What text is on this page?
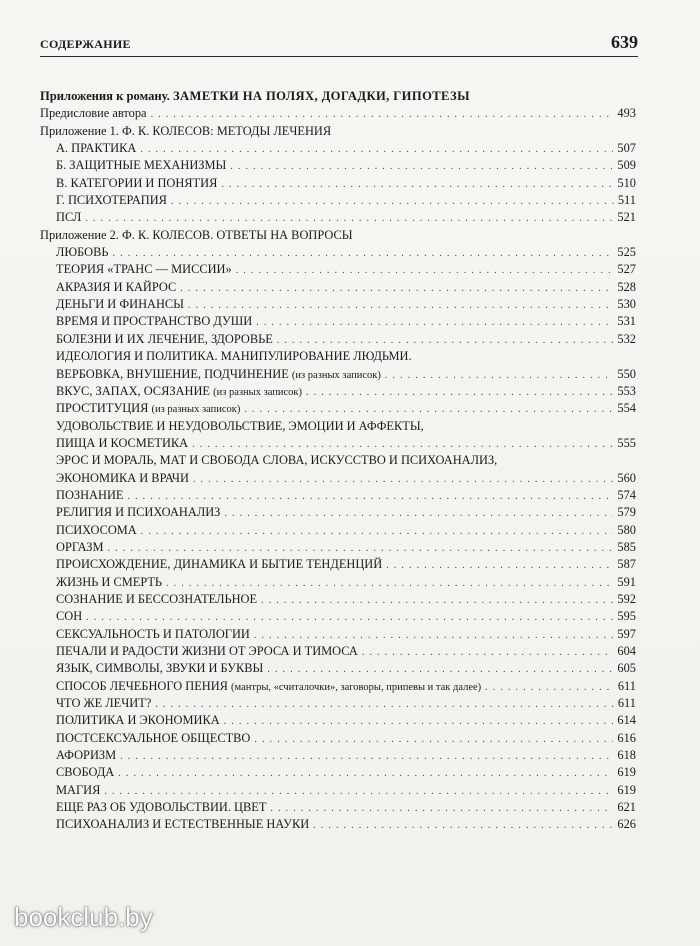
СОДЕРЖАНИЕ	639
Приложения к роману. ЗАМЕТКИ НА ПОЛЯХ, ДОГАДКИ, ГИПОТЕЗЫ
Предисловие автора . . .	493
Приложение 1. Ф. К. КОЛЕСОВ: МЕТОДЫ ЛЕЧЕНИЯ
А. ПРАКТИКА . . .	507
Б. ЗАЩИТНЫЕ МЕХАНИЗМЫ . . .	509
В. КАТЕГОРИИ И ПОНЯТИЯ . . .	510
Г. ПСИХОТЕРАПИЯ . . .	511
ПСЛ . . .	521
Приложение 2. Ф. К. КОЛЕСОВ. ОТВЕТЫ НА ВОПРОСЫ
ЛЮБОВЬ . . .	525
ТЕОРИЯ «ТРАНС — МИССИИ» . . .	527
АКРАЗИЯ И КАЙРОС . . .	528
ДЕНЬГИ И ФИНАНСЫ . . .	530
ВРЕМЯ И ПРОСТРАНСТВО ДУШИ . . .	531
БОЛЕЗНИ И ИХ ЛЕЧЕНИЕ, ЗДОРОВЬЕ . . .	532
ИДЕОЛОГИЯ И ПОЛИТИКА. МАНИПУЛИРОВАНИЕ ЛЮДЬМИ.
ВЕРБОВКА, ВНУШЕНИЕ, ПОДЧИНЕНИЕ (из разных записок) . . .	550
ВКУС, ЗАПАХ, ОСЯЗАНИЕ (из разных записок) . . .	553
ПРОСТИТУЦИЯ (из разных записок) . . .	554
УДОВОЛЬСТВИЕ И НЕУДОВОЛЬСТВИЕ, ЭМОЦИИ И АФФЕКТЫ,
ПИЩА И КОСМЕТИКА . . .	555
ЭРОС И МОРАЛЬ, МАТ И СВОБОДА СЛОВА, ИСКУССТВО И ПСИХОАНАЛИЗ,
ЭКОНОМИКА И ВРАЧИ . . .	560
ПОЗНАНИЕ . . .	574
РЕЛИГИЯ И ПСИХОАНАЛИЗ . . .	579
ПСИХОСОМА . . .	580
ОРГАЗМ . . .	585
ПРОИСХОЖДЕНИЕ, ДИНАМИКА И БЫТИЕ ТЕНДЕНЦИЙ . . .	587
ЖИЗНЬ И СМЕРТЬ . . .	591
СОЗНАНИЕ И БЕССОЗНАТЕЛЬНОЕ . . .	592
СОН . . .	595
СЕКСУАЛЬНОСТЬ И ПАТОЛОГИИ . . .	597
ПЕЧАЛИ И РАДОСТИ ЖИЗНИ ОТ ЭРОСА И ТИМОСА . . .	604
ЯЗЫК, СИМВОЛЫ, ЗВУКИ И БУКВЫ . . .	605
СПОСОБ ЛЕЧЕБНОГО ПЕНИЯ (мантры, «считалочки», заговоры, припевы и так далее) . . .	611
ЧТО ЖЕ ЛЕЧИТ? . . .	611
ПОЛИТИКА И ЭКОНОМИКА . . .	614
ПОСТСЕКСУАЛЬНОЕ ОБЩЕСТВО . . .	616
АФОРИЗМ . . .	618
СВОБОДА . . .	619
МАГИЯ . . .	619
ЕЩЕ РАЗ ОБ УДОВОЛЬСТВИИ. ЦВЕТ . . .	621
ПСИХОАНАЛИЗ И ЕСТЕСТВЕННЫЕ НАУКИ . . .	626
bookclub.by
